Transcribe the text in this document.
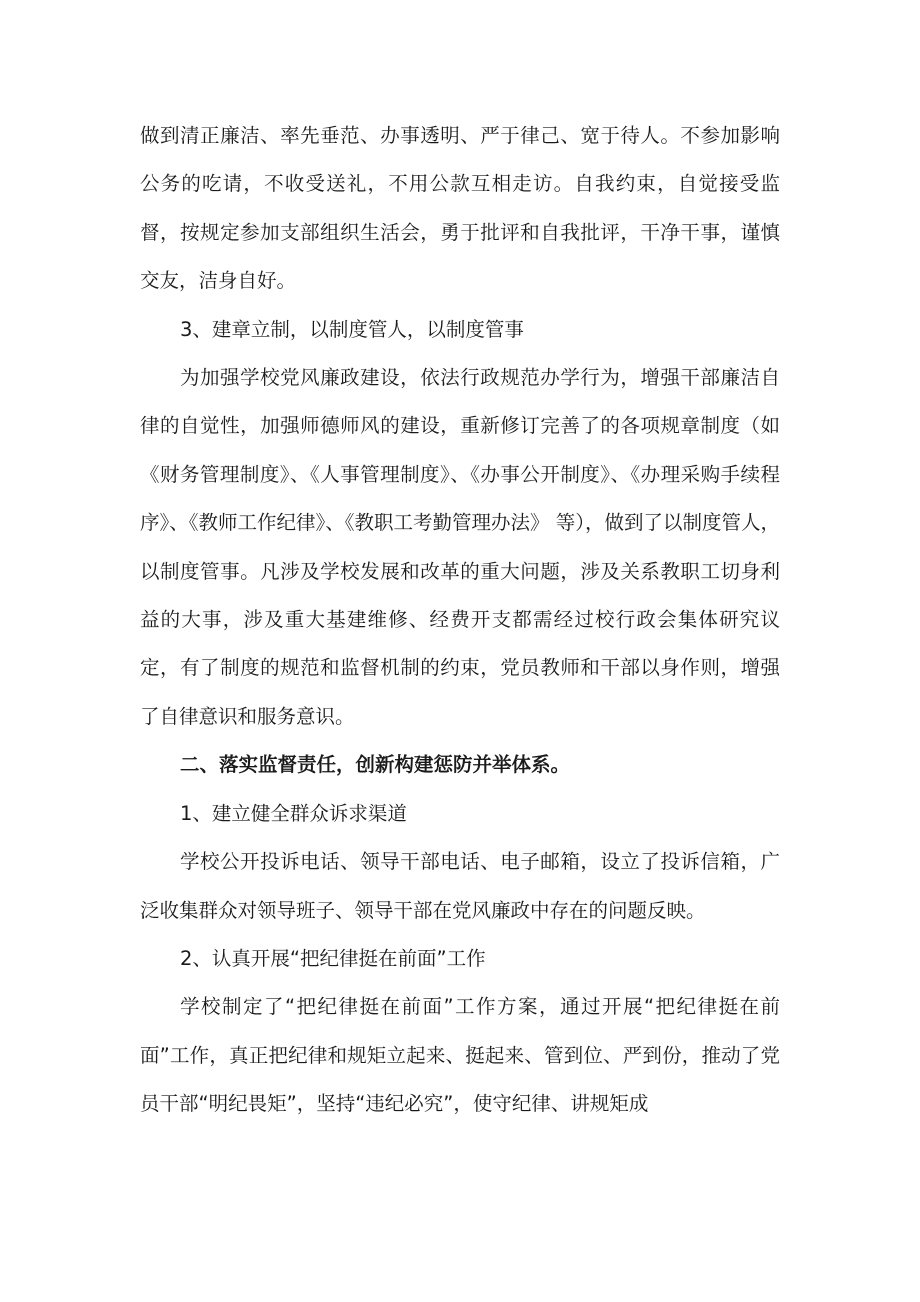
做到清正廉洁、率先垂范、办事透明、严于律己、宽于待人。不参加影响公务的吃请，不收受送礼，不用公款互相走访。自我约束，自觉接受监督，按规定参加支部组织生活会，勇于批评和自我批评，干净干事，谨慎交友，洁身自好。

3、建章立制，以制度管人，以制度管事

为加强学校党风廉政建设，依法行政规范办学行为，增强干部廉洁自律的自觉性，加强师德师风的建设，重新修订完善了的各项规章制度（如《财务管理制度》、《人事管理制度》、《办事公开制度》、《办理采购手续程序》、《教师工作纪律》、《教职工考勤管理办法》 等），做到了以制度管人，以制度管事。凡涉及学校发展和改革的重大问题，涉及关系教职工切身利益的大事，涉及重大基建维修、经费开支都需经过校行政会集体研究议定，有了制度的规范和监督机制的约束，党员教师和干部以身作则，增强了自律意识和服务意识。

二、落实监督责任，创新构建惩防并举体系。

1、建立健全群众诉求渠道

学校公开投诉电话、领导干部电话、电子邮箱，设立了投诉信箱，广泛收集群众对领导班子、领导干部在党风廉政中存在的问题反映。

2、认真开展“把纪律挺在前面”工作

学校制定了“把纪律挺在前面”工作方案，通过开展“把纪律挺在前面”工作，真正把纪律和规矩立起来、挺起来、管到位、严到份，推动了党员干部“明纪畏矩”，坚持“违纪必究”，使守纪律、讲规矩成
